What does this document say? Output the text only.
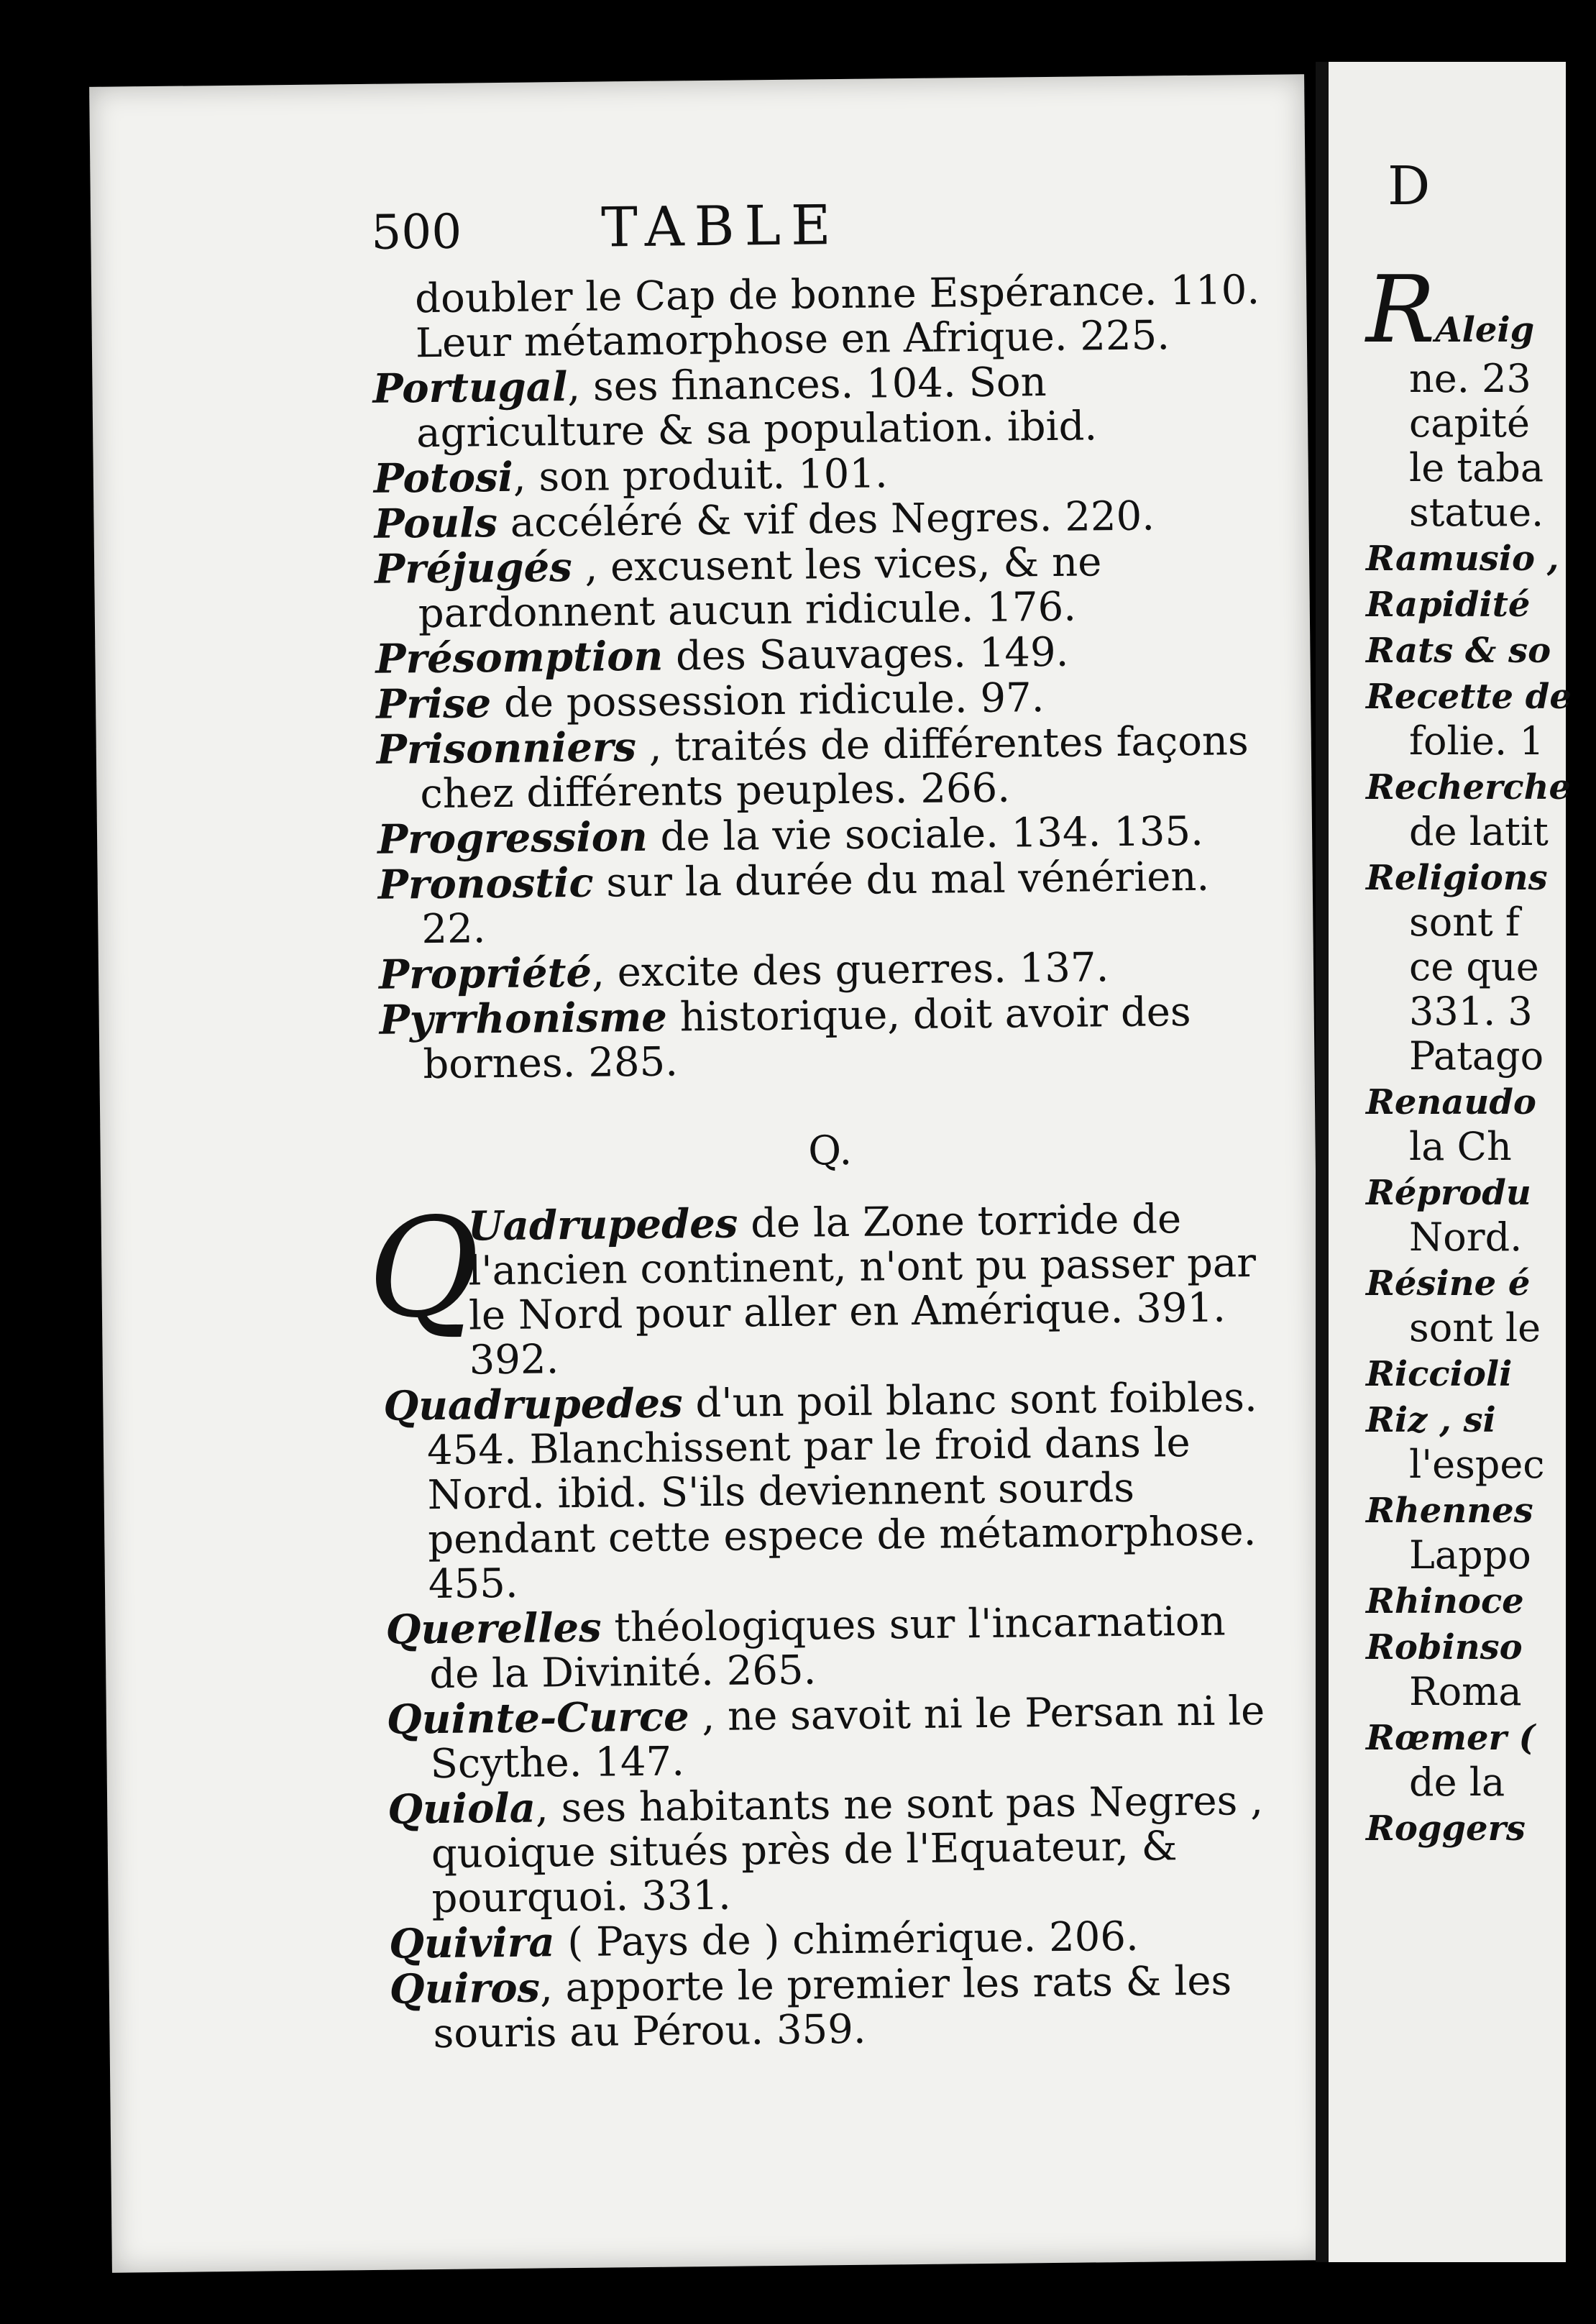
500	TABLE
doubler le Cap de bonne Espérance. 110.
Leur métamorphose en Afrique. 225.
Portugal, ses finances. 104. Son agriculture & sa population. ibid.
Potosi, son produit. 101.
Pouls accéléré & vif des Negres. 220.
Préjugés , excusent les vices, & ne pardonnent aucun ridicule. 176.
Présomption des Sauvages. 149.
Prise de possession ridicule. 97.
Prisonniers , traités de différentes façons chez différents peuples. 266.
Progression de la vie sociale. 134. 135.
Pronostic sur la durée du mal vénérien. 22.
Propriété, excite des guerres. 137.
Pyrrhonisme historique, doit avoir des bornes. 285.
Q.
Q
Uadrupedes de la Zone torride de l'ancien continent, n'ont pu passer par le Nord pour aller en Amérique. 391. 392.
Quadrupedes d'un poil blanc sont foibles. 454. Blanchissent par le froid dans le Nord. ibid. S'ils deviennent sourds pendant cette espece de métamorphose. 455.
Querelles théologiques sur l'incarnation de la Divinité. 265.
Quinte-Curce , ne savoit ni le Persan ni le Scythe. 147.
Quiola, ses habitants ne sont pas Negres , quoique situés près de l'Equateur, & pourquoi. 331.
Quivira ( Pays de ) chimérique. 206.
Quiros, apporte le premier les rats & les souris au Pérou. 359.
D
RAleig
ne. 23
capité
le taba
statue.
Ramusio ,
Rapidité
Rats & so
Recette de
folie. 1
Recherche
de latit
Religions
sont f
ce que
331. 3
Patago
Renaudo
la Ch
Réprodu
Nord.
Résine é
sont le
Riccioli
Riz , si
l'espec
Rhennes
Lappo
Rhinoce
Robinso
Roma
Rœmer (
de la
Roggers
